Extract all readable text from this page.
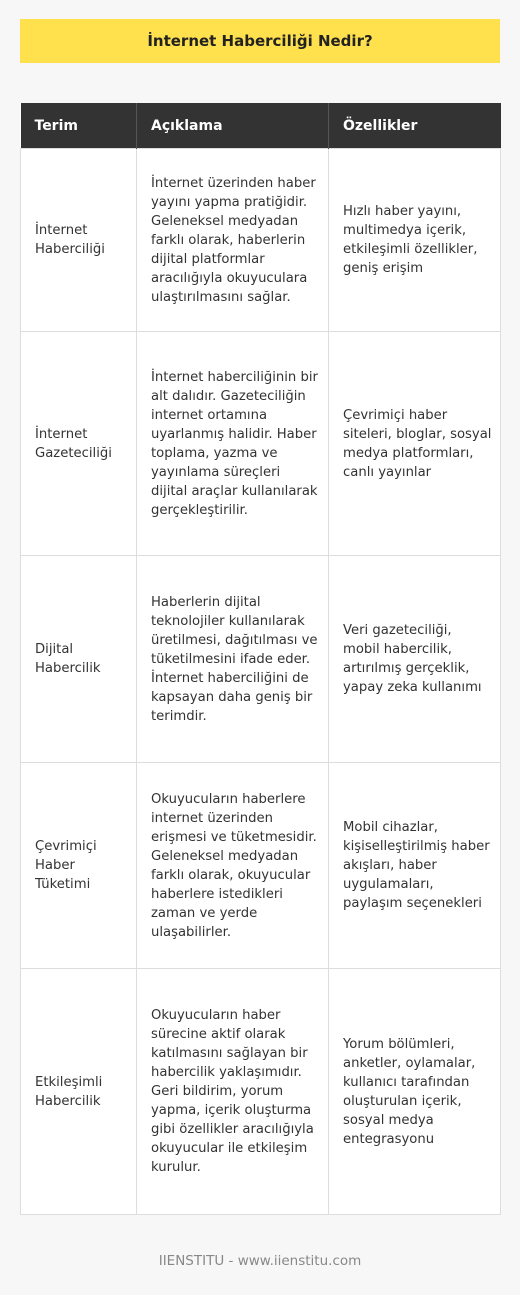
İnternet Haberciliği Nedir?
Terim	Açıklama	Özellikler
İnternet Haberciliği	İnternet üzerinden haber yayını yapma pratiğidir. Geleneksel medyadan farklı olarak, haberlerin dijital platformlar aracılığıyla okuyuculara ulaştırılmasını sağlar.	Hızlı haber yayını, multimedya içerik, etkileşimli özellikler, geniş erişim
İnternet Gazeteciliği	İnternet haberciliğinin bir alt dalıdır. Gazeteciliğin internet ortamına uyarlanmış halidir. Haber toplama, yazma ve yayınlama süreçleri dijital araçlar kullanılarak gerçekleştirilir.	Çevrimiçi haber siteleri, bloglar, sosyal medya platformları, canlı yayınlar
Dijital Habercilik	Haberlerin dijital teknolojiler kullanılarak üretilmesi, dağıtılması ve tüketilmesini ifade eder. İnternet haberciliğini de kapsayan daha geniş bir terimdir.	Veri gazeteciliği, mobil habercilik, artırılmış gerçeklik, yapay zeka kullanımı
Çevrimiçi Haber Tüketimi	Okuyucuların haberlere internet üzerinden erişmesi ve tüketmesidir. Geleneksel medyadan farklı olarak, okuyucular haberlere istedikleri zaman ve yerde ulaşabilirler.	Mobil cihazlar, kişiselleştirilmiş haber akışları, haber uygulamaları, paylaşım seçenekleri
Etkileşimli Habercilik	Okuyucuların haber sürecine aktif olarak katılmasını sağlayan bir habercilik yaklaşımıdır. Geri bildirim, yorum yapma, içerik oluşturma gibi özellikler aracılığıyla okuyucular ile etkileşim kurulur.	Yorum bölümleri, anketler, oylamalar, kullanıcı tarafından oluşturulan içerik, sosyal medya entegrasyonu
IIENSTITU - www.iienstitu.com
